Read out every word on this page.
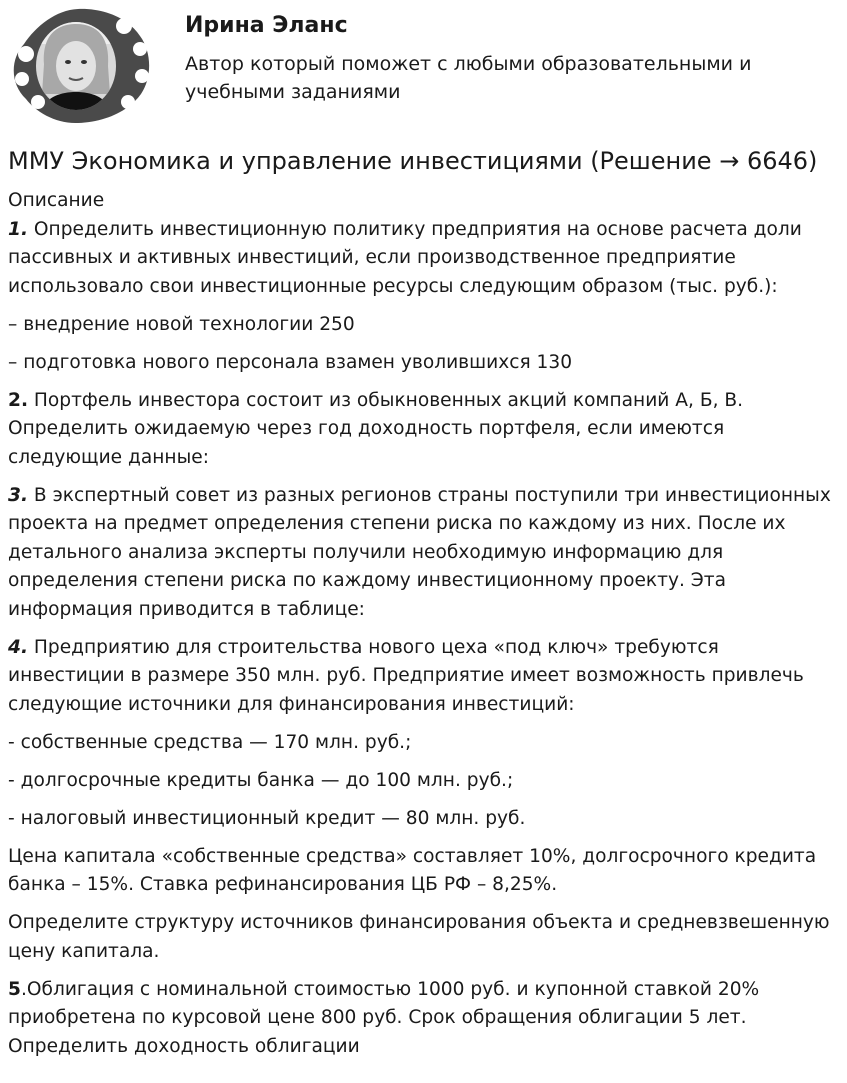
Ирина Эланс
Автор который поможет с любыми образовательными и учебными заданиями
ММУ Экономика и управление инвестициями (Решение → 6646)

Описание

1. Определить инвестиционную политику предприятия на основе расчета доли пассивных и активных инвестиций, если производственное предприятие использовало свои инвестиционные ресурсы следующим образом (тыс. руб.):

– внедрение новой технологии 250

– подготовка нового персонала взамен уволившихся 130

2. Портфель инвестора состоит из обыкновенных акций компаний А, Б, В. Определить ожидаемую через год доходность портфеля, если имеются следующие данные:

3. В экспертный совет из разных регионов страны поступили три инвестиционных проекта на предмет определения степени риска по каждому из них. После их детального анализа эксперты получили необходимую информацию для определения степени риска по каждому инвестиционному проекту. Эта информация приводится в таблице:

4. Предприятию для строительства нового цеха «под ключ» требуются инвестиции в размере 350 млн. руб. Предприятие имеет возможность привлечь следующие источники для финансирования инвестиций:

- собственные средства — 170 млн. руб.;

- долгосрочные кредиты банка — до 100 млн. руб.;

- налоговый инвестиционный кредит — 80 млн. руб.

Цена капитала «собственные средства» составляет 10%, долгосрочного кредита банка – 15%. Ставка рефинансирования ЦБ РФ – 8,25%.

Определите структуру источников финансирования объекта и средневзвешенную цену капитала.

5.Облигация с номинальной стоимостью 1000 руб. и купонной ставкой 20% приобретена по курсовой цене 800 руб. Срок обращения облигации 5 лет. Определить доходность облигации
